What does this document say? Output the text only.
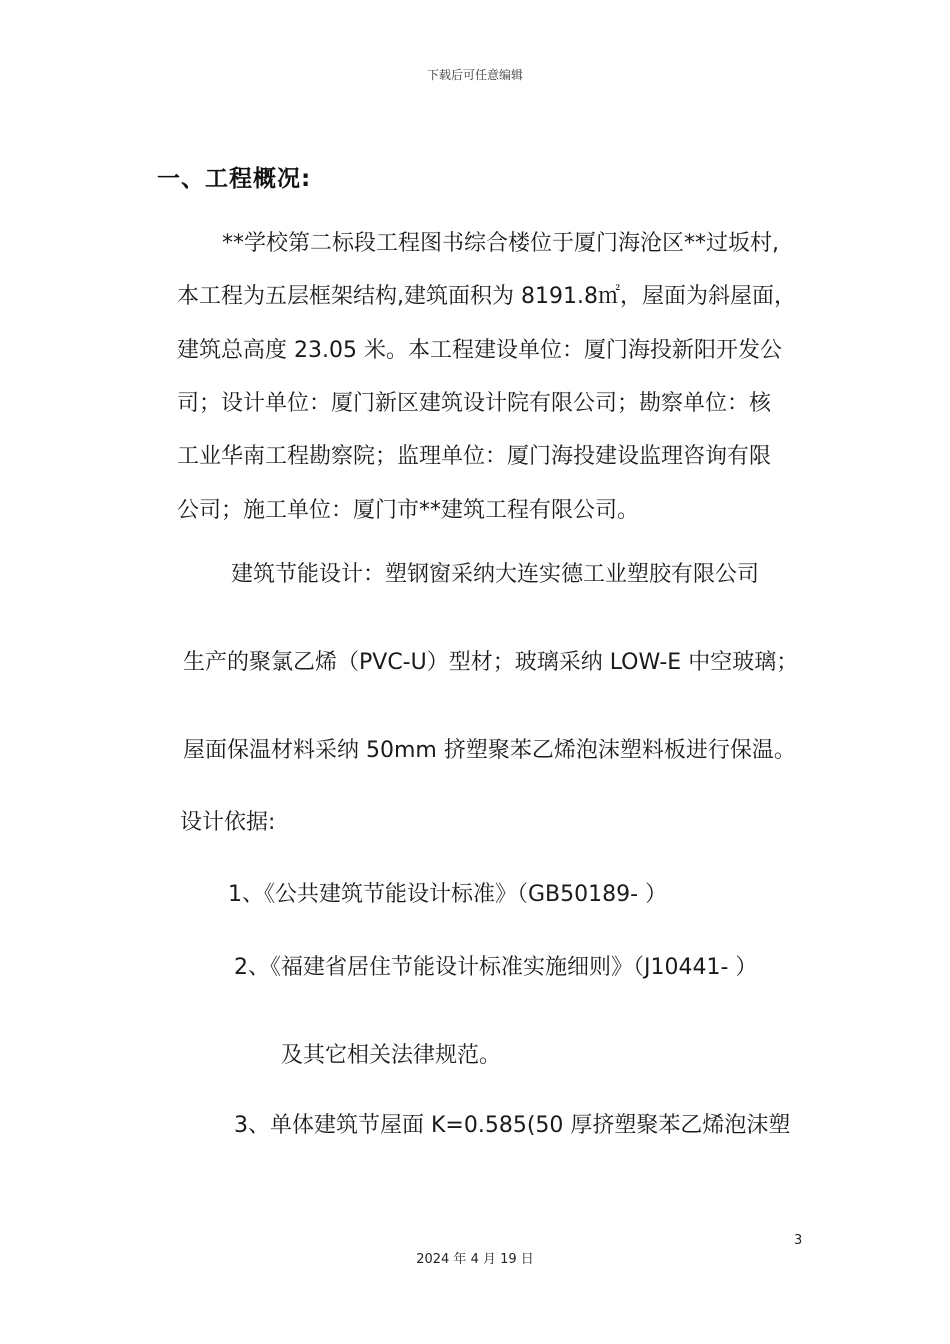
下载后可任意编辑
一、工程概况:
**学校第二标段工程图书综合楼位于厦门海沧区**过坂村,
本工程为五层框架结构,建筑面积为 8191.8㎡，屋面为斜屋面，
建筑总高度 23.05 米。本工程建设单位：厦门海投新阳开发公
司；设计单位：厦门新区建筑设计院有限公司；勘察单位：核
工业华南工程勘察院；监理单位：厦门海投建设监理咨询有限
公司；施工单位：厦门市**建筑工程有限公司。
建筑节能设计：塑钢窗采纳大连实德工业塑胶有限公司
生产的聚氯乙烯（PVC-U）型材；玻璃采纳 LOW-E 中空玻璃；
屋面保温材料采纳 50mm 挤塑聚苯乙烯泡沫塑料板进行保温。
设计依据:
1、《公共建筑节能设计标准》（GB50189- ）
2、《福建省居住节能设计标准实施细则》（J10441- ）
及其它相关法律规范。
3、单体建筑节屋面 K=0.585(50 厚挤塑聚苯乙烯泡沫塑
3
2024 年 4 月 19 日
